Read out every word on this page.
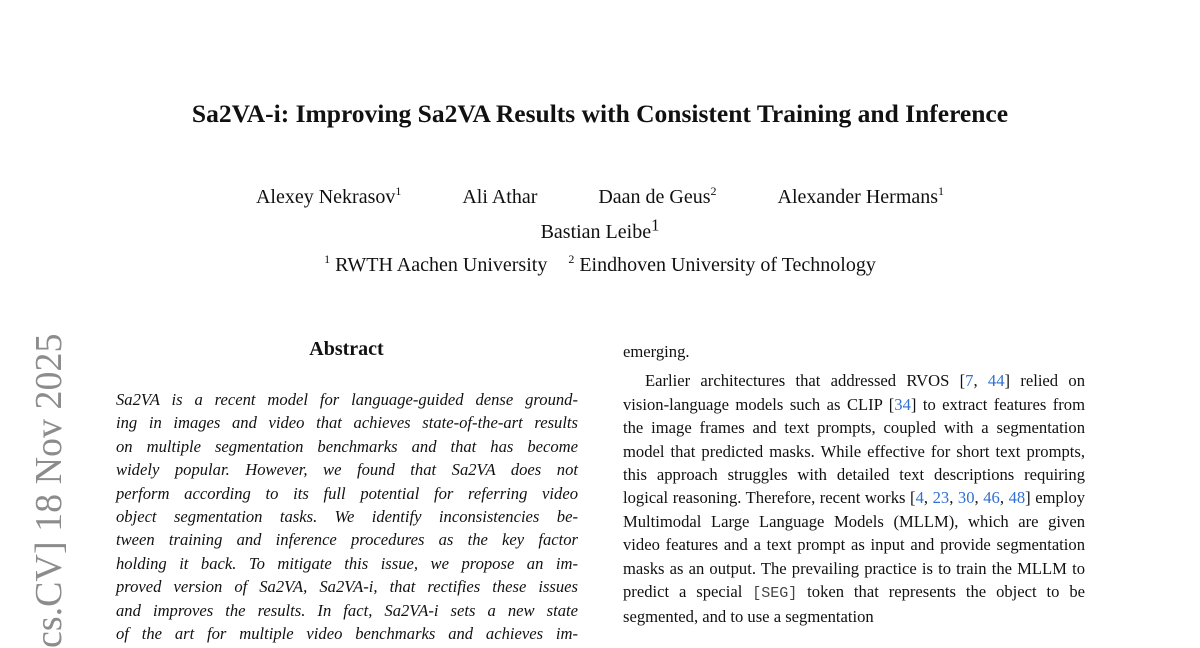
cs.CV] 18 Nov 2025
Sa2VA-i: Improving Sa2VA Results with Consistent Training and Inference
Alexey Nekrasov$^1$	Ali Athar	Daan de Geus$^2$	Alexander Hermans$^1$
Bastian Leibe$^1$
$^1$ RWTH Aachen University $^2$ Eindhoven University of Technology
Abstract
Sa2VA is a recent model for language-guided dense ground-
ing in images and video that achieves state-of-the-art results
on multiple segmentation benchmarks and that has become
widely popular. However, we found that Sa2VA does not
perform according to its full potential for referring video
object segmentation tasks. We identify inconsistencies be-
tween training and inference procedures as the key factor
holding it back. To mitigate this issue, we propose an im-
proved version of Sa2VA, Sa2VA-i, that rectifies these issues
and improves the results. In fact, Sa2VA-i sets a new state
of the art for multiple video benchmarks and achieves im-

emerging.

Earlier architectures that addressed RVOS [7, 44] relied on vision-language models such as CLIP [34] to extract features from the image frames and text prompts, coupled with a segmentation model that predicted masks. While effective for short text prompts, this approach struggles with detailed text descriptions requiring logical reasoning. Therefore, recent works [4, 23, 30, 46, 48] employ Multimodal Large Language Models (MLLM), which are given video features and a text prompt as input and provide segmentation masks as an output. The prevailing practice is to train the MLLM to predict a special [SEG] token that represents the object to be segmented, and to use a segmentation
